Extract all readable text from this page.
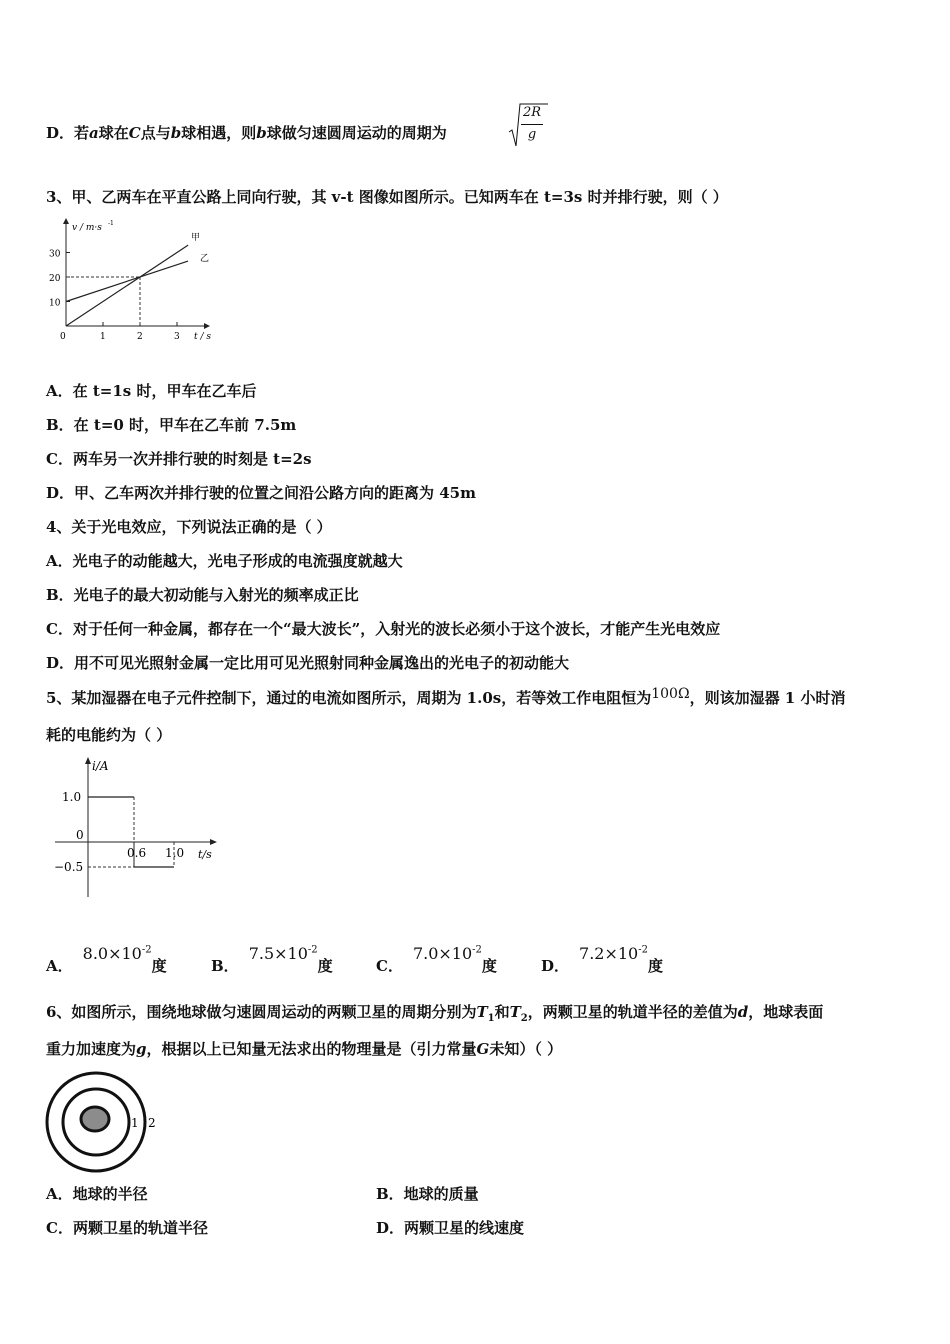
D．若a球在C点与b球相遇，则b球做匀速圆周运动的周期为
2R
g
3、甲、乙两车在平直公路上同向行驶，其 v-t 图像如图所示。已知两车在 t=3s 时并排行驶，则（ ）
30
20
10
0	1	2	3
v / m·s -1
t / s
甲
乙
A．在 t=1s 时，甲车在乙车后
B．在 t=0 时，甲车在乙车前 7.5m
C．两车另一次并排行驶的时刻是 t=2s
D．甲、乙车两次并排行驶的位置之间沿公路方向的距离为 45m
4、关于光电效应，下列说法正确的是（ ）
A．光电子的动能越大，光电子形成的电流强度就越大
B．光电子的最大初动能与入射光的频率成正比
C．对于任何一种金属，都存在一个“最大波长”，入射光的波长必须小于这个波长，才能产生光电效应
D．用不可见光照射金属一定比用可见光照射同种金属逸出的光电子的初动能大
5、某加湿器在电子元件控制下，通过的电流如图所示，周期为 1.0s，若等效工作电阻恒为100Ω，则该加湿器 1 小时消
耗的电能约为（ ）
i/A
1.0
0
−0.5
0.6 1.0 t/s
A．$8.0\times 10^{-2}$度	B．$7.5\times 10^{-2}$度	C．$7.0\times 10^{-2}$度	D．$7.2\times 10^{-2}$度
6、如图所示，围绕地球做匀速圆周运动的两颗卫星的周期分别为$T_1$和$T_2$，两颗卫星的轨道半径的差值为d，地球表面
重力加速度为g，根据以上已知量无法求出的物理量是（引力常量G未知）（ ）
1 2
A．地球的半径	B．地球的质量
C．两颗卫星的轨道半径	D．两颗卫星的线速度
